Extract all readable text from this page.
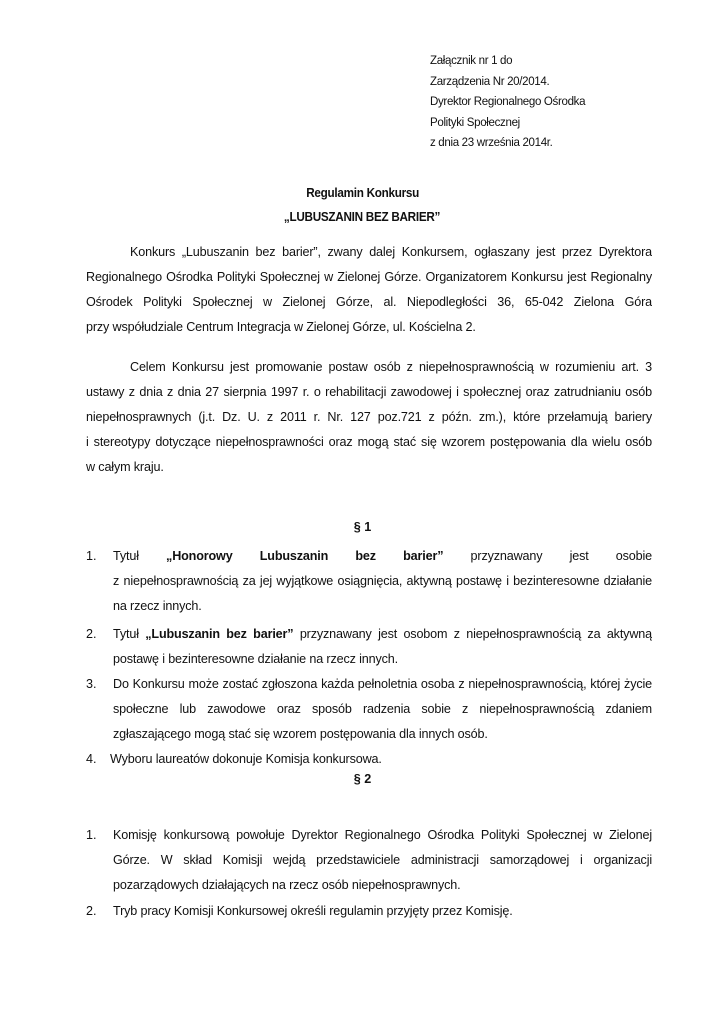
Załącznik nr 1 do
Zarządzenia Nr 20/2014.
Dyrektor Regionalnego Ośrodka
Polityki Społecznej
z dnia 23 września 2014r.
Regulamin Konkursu
„LUBUSZANIN BEZ BARIER”
Konkurs „Lubuszanin bez barier”, zwany dalej Konkursem, ogłaszany jest przez Dyrektora
Regionalnego Ośrodka Polityki Społecznej w Zielonej Górze. Organizatorem Konkursu jest Regionalny
Ośrodek Polityki Społecznej w Zielonej Górze, al. Niepodległości 36, 65-042 Zielona Góra
przy współudziale Centrum Integracja w Zielonej Górze, ul. Kościelna 2.
Celem Konkursu jest promowanie postaw osób z niepełnosprawnością w rozumieniu art. 3
ustawy z dnia z dnia 27 sierpnia 1997 r. o rehabilitacji zawodowej i społecznej oraz zatrudnianiu osób
niepełnosprawnych (j.t. Dz. U. z 2011 r. Nr. 127 poz.721 z późn. zm.), które przełamują bariery
i stereotypy dotyczące niepełnosprawności oraz mogą stać się wzorem postępowania dla wielu osób
w całym kraju.
§ 1
1. Tytuł „Honorowy Lubuszanin bez barier” przyznawany jest osobie
z niepełnosprawnością za jej wyjątkowe osiągnięcia, aktywną postawę i bezinteresowne działanie
na rzecz innych.
2. Tytuł „Lubuszanin bez barier” przyznawany jest osobom z niepełnosprawnością za aktywną
postawę i bezinteresowne działanie na rzecz innych.
3. Do Konkursu może zostać zgłoszona każda pełnoletnia osoba z niepełnosprawnością, której życie
społeczne lub zawodowe oraz sposób radzenia sobie z niepełnosprawnością zdaniem
zgłaszającego mogą stać się wzorem postępowania dla innych osób.
4. Wyboru laureatów dokonuje Komisja konkursowa.
§ 2
1. Komisję konkursową powołuje Dyrektor Regionalnego Ośrodka Polityki Społecznej w Zielonej
Górze. W skład Komisji wejdą przedstawiciele administracji samorządowej i organizacji
pozarządowych działających na rzecz osób niepełnosprawnych.
2. Tryb pracy Komisji Konkursowej określi regulamin przyjęty przez Komisję.
